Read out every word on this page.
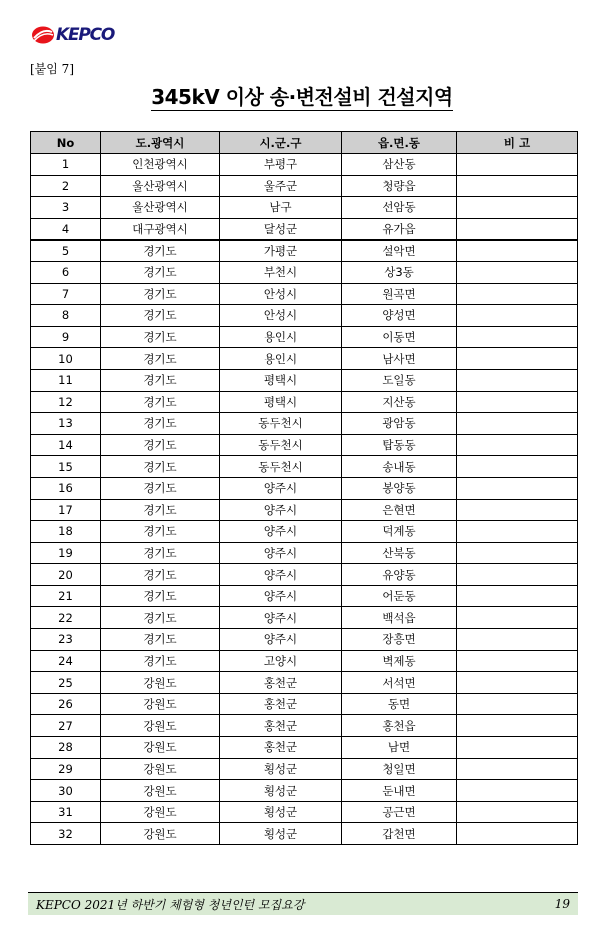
KEPCO
[붙임 7]
345kV 이상 송·변전설비 건설지역
No	도.광역시	시.군.구	읍.면.동	비 고
1	인천광역시	부평구	삼산동	
2	울산광역시	울주군	청량읍	
3	울산광역시	남구	선암동	
4	대구광역시	달성군	유가읍	
5	경기도	가평군	설악면	
6	경기도	부천시	상3동	
7	경기도	안성시	원곡면	
8	경기도	안성시	양성면	
9	경기도	용인시	이동면	
10	경기도	용인시	남사면	
11	경기도	평택시	도일동	
12	경기도	평택시	지산동	
13	경기도	동두천시	광암동	
14	경기도	동두천시	탑동동	
15	경기도	동두천시	송내동	
16	경기도	양주시	봉양동	
17	경기도	양주시	은현면	
18	경기도	양주시	덕계동	
19	경기도	양주시	산북동	
20	경기도	양주시	유양동	
21	경기도	양주시	어둔동	
22	경기도	양주시	백석읍	
23	경기도	양주시	장흥면	
24	경기도	고양시	벽제동	
25	강원도	홍천군	서석면	
26	강원도	홍천군	동면	
27	강원도	홍천군	홍천읍	
28	강원도	홍천군	남면	
29	강원도	횡성군	청일면	
30	강원도	횡성군	둔내면	
31	강원도	횡성군	공근면	
32	강원도	횡성군	갑천면	
KEPCO 2021년 하반기 체험형 청년인턴 모집요강	19
